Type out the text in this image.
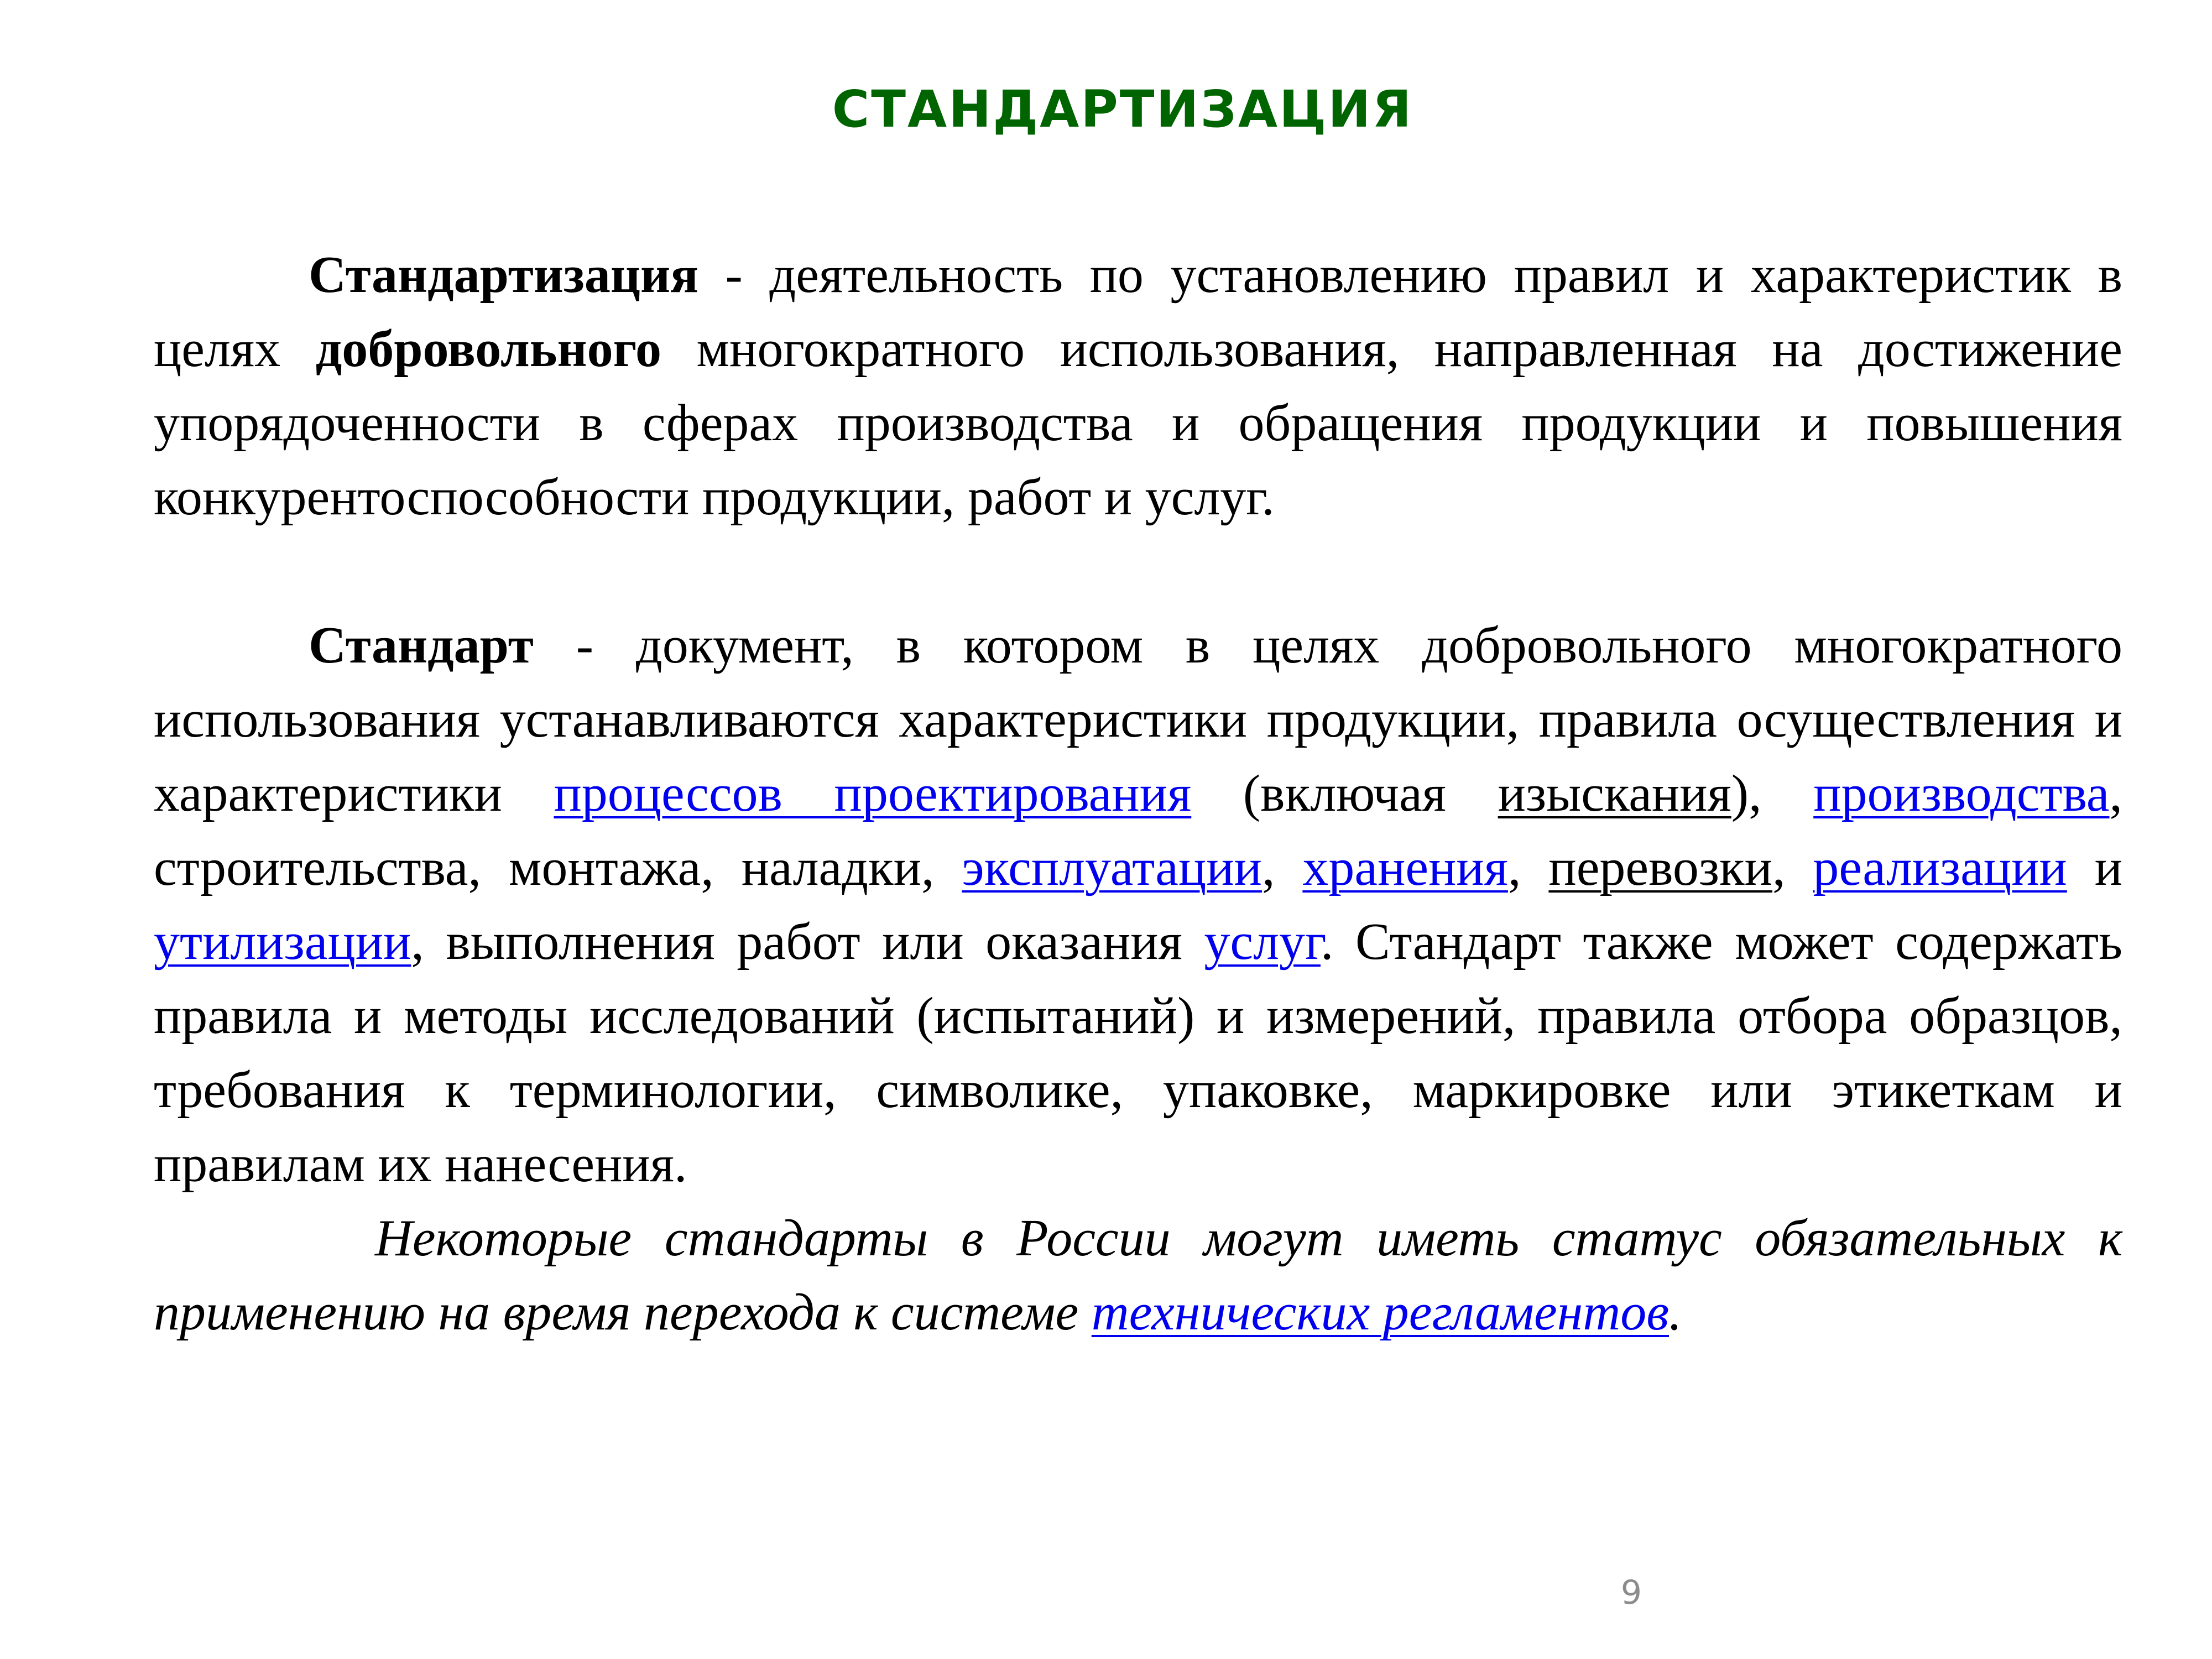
СТАНДАРТИЗАЦИЯ

Стандартизация - деятельность по установлению правил и характеристик в целях добровольного многократного использования, направленная на достижение упорядоченности в сферах производства и обращения продукции и повышения конкурентоспособности продукции, работ и услуг.

Стандарт - документ, в котором в целях добровольного многократного использования устанавливаются характеристики продукции, правила осуществления и характеристики процессов проектирования (включая изыскания), производства, строительства, монтажа, наладки, эксплуатации, хранения, перевозки, реализации и утилизации, выполнения работ или оказания услуг. Стандарт также может содержать правила и методы исследований (испытаний) и измерений, правила отбора образцов, требования к терминологии, символике, упаковке, маркировке или этикеткам и правилам их нанесения.

Некоторые стандарты в России могут иметь статус обязательных к применению на время перехода к системе технических регламентов.

9
